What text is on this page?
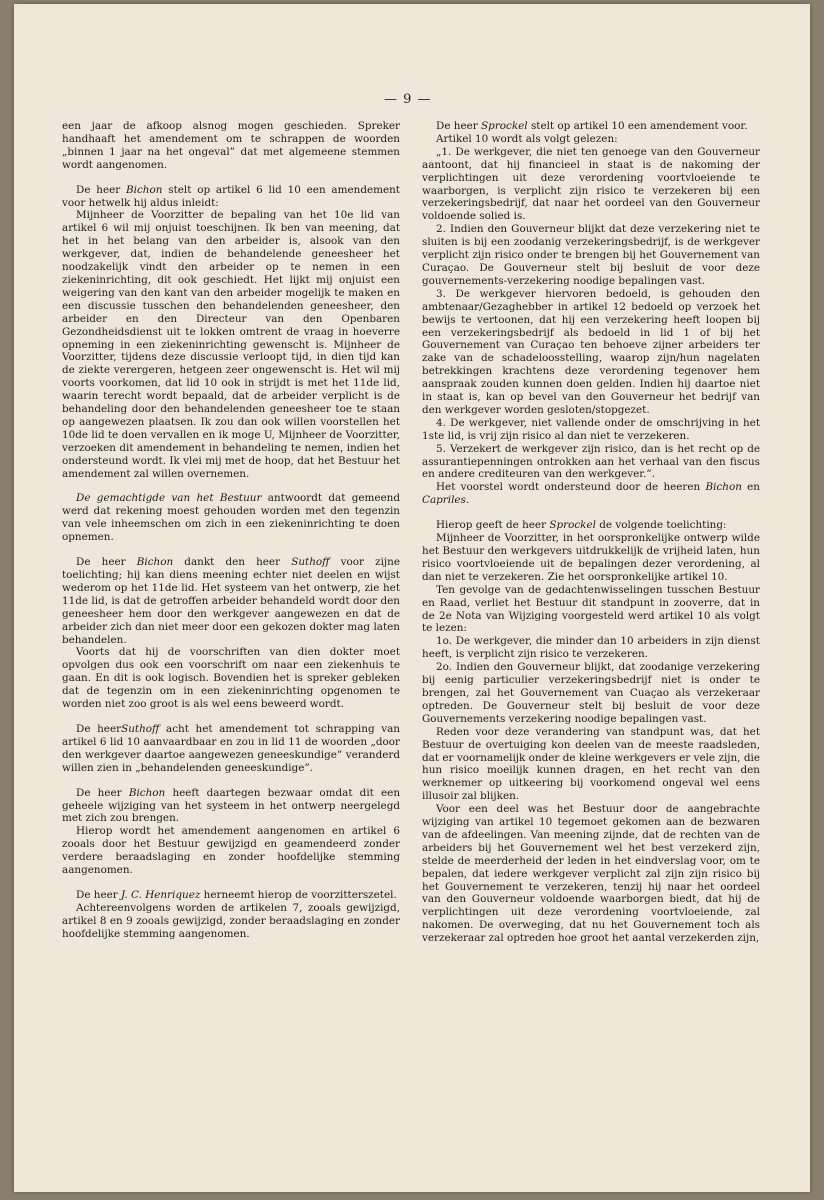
— 9 —

een jaar de afkoop alsnog mogen geschieden. Spreker handhaaft het amendement om te schrappen de woorden „binnen 1 jaar na het ongeval” dat met algemeene stemmen wordt aangenomen.

De heer Bichon stelt op artikel 6 lid 10 een amendement voor hetwelk hij aldus inleidt:

Mijnheer de Voorzitter de bepaling van het 10e lid van artikel 6 wil mij onjuist toeschijnen. Ik ben van meening, dat het in het belang van den arbeider is, alsook van den werkgever, dat, indien de behandelende geneesheer het noodzakelijk vindt den arbeider op te nemen in een ziekeninrichting, dit ook geschiedt. Het lijkt mij onjuist een weigering van den kant van den arbeider mogelijk te maken en een discussie tusschen den behandelenden geneesheer, den arbeider en den Directeur van den Openbaren Gezondheidsdienst uit te lokken omtrent de vraag in hoeverre opneming in een ziekeninrichting gewenscht is. Mijnheer de Voorzitter, tijdens deze discussie verloopt tijd, in dien tijd kan de ziekte verergeren, hetgeen zeer ongewenscht is. Het wil mij voorts voorkomen, dat lid 10 ook in strijdt is met het 11de lid, waarin terecht wordt bepaald, dat de arbeider verplicht is de behandeling door den behandelenden geneesheer toe te staan op aangewezen plaatsen. Ik zou dan ook willen voorstellen het 10de lid te doen vervallen en ik moge U, Mijnheer de Voorzitter, verzoeken dit amendement in behandeling te nemen, indien het ondersteund wordt. Ik vlei mij met de hoop, dat het Bestuur het amendement zal willen overnemen.

De gemachtigde van het Bestuur antwoordt dat gemeend werd dat rekening moest gehouden worden met den tegenzin van vele inheemschen om zich in een ziekeninrichting te doen opnemen.

De heer Bichon dankt den heer Suthoff voor zijne toelichting; hij kan diens meening echter niet deelen en wijst wederom op het 11de lid. Het systeem van het ontwerp, zie het 11de lid, is dat de getroffen arbeider behandeld wordt door den geneesheer hem door den werkgever aangewezen en dat de arbeider zich dan niet meer door een gekozen dokter mag laten behandelen.

Voorts dat hij de voorschriften van dien dokter moet opvolgen dus ook een voorschrift om naar een ziekenhuis te gaan. En dit is ook logisch. Bovendien het is spreker gebleken dat de tegenzin om in een ziekeninrichting opgenomen te worden niet zoo groot is als wel eens beweerd wordt.

De heerSuthoff acht het amendement tot schrapping van artikel 6 lid 10 aanvaardbaar en zou in lid 11 de woorden „door den werkgever daartoe aangewezen geneeskundige” veranderd willen zien in „behandelenden geneeskundige”.

De heer Bichon heeft daartegen bezwaar omdat dit een geheele wijziging van het systeem in het ontwerp neergelegd met zich zou brengen.

Hierop wordt het amendement aangenomen en artikel 6 zooals door het Bestuur gewijzigd en geamendeerd zonder verdere beraadslaging en zonder hoofdelijke stemming aangenomen.

De heer J. C. Henriquez herneemt hierop de voorzitterszetel.

Achtereenvolgens worden de artikelen 7, zooals gewijzigd, artikel 8 en 9 zooals gewijzigd, zonder beraadslaging en zonder hoofdelijke stemming aangenomen.

De heer Sprockel stelt op artikel 10 een amendement voor.

Artikel 10 wordt als volgt gelezen:

„1. De werkgever, die niet ten genoege van den Gouverneur aantoont, dat hij financieel in staat is de nakoming der verplichtingen uit deze verordening voortvloeiende te waarborgen, is verplicht zijn risico te verzekeren bij een verzekeringsbedrijf, dat naar het oordeel van den Gouverneur voldoende solied is.

2. Indien den Gouverneur blijkt dat deze verzekering niet te sluiten is bij een zoodanig verzekeringsbedrijf, is de werkgever verplicht zijn risico onder te brengen bij het Gouvernement van Curaçao. De Gouverneur stelt bij besluit de voor deze gouvernements-verzekering noodige bepalingen vast.

3. De werkgever hiervoren bedoeld, is gehouden den ambtenaar/Gezaghebber in artikel 12 bedoeld op verzoek het bewijs te vertoonen, dat hij een verzekering heeft loopen bij een verzekeringsbedrijf als bedoeld in lid 1 of bij het Gouvernement van Curaçao ten behoeve zijner arbeiders ter zake van de schadeloosstelling, waarop zijn/hun nagelaten betrekkingen krachtens deze verordening tegenover hem aanspraak zouden kunnen doen gelden. Indien hij daartoe niet in staat is, kan op bevel van den Gouverneur het bedrijf van den werkgever worden gesloten/stopgezet.

4. De werkgever, niet vallende onder de omschrijving in het 1ste lid, is vrij zijn risico al dan niet te verzekeren.

5. Verzekert de werkgever zijn risico, dan is het recht op de assurantiepenningen ontrokken aan het verhaal van den fiscus en andere crediteuren van den werkgever.”.

Het voorstel wordt ondersteund door de heeren Bichon en Capriles.

Hierop geeft de heer Sprockel de volgende toelichting:

Mijnheer de Voorzitter, in het oorspronkelijke ontwerp wilde het Bestuur den werkgevers uitdrukkelijk de vrijheid laten, hun risico voortvloeiende uit de bepalingen dezer verordening, al dan niet te verzekeren. Zie het oorspronkelijke artikel 10.

Ten gevolge van de gedachtenwisselingen tusschen Bestuur en Raad, verliet het Bestuur dit standpunt in zooverre, dat in de 2e Nota van Wijziging voorgesteld werd artikel 10 als volgt te lezen:

1o. De werkgever, die minder dan 10 arbeiders in zijn dienst heeft, is verplicht zijn risico te verzekeren.

2o. Indien den Gouverneur blijkt, dat zoodanige verzekering bij eenig particulier verzekeringsbedrijf niet is onder te brengen, zal het Gouvernement van Cuaçao als verzekeraar optreden. De Gouverneur stelt bij besluit de voor deze Gouvernements verzekering noodige bepalingen vast.

Reden voor deze verandering van standpunt was, dat het Bestuur de overtuiging kon deelen van de meeste raadsleden, dat er voornamelijk onder de kleine werkgevers er vele zijn, die hun risico moeilijk kunnen dragen, en het recht van den werknemer op uitkeering bij voorkomend ongeval wel eens illusoir zal blijken.

Voor een deel was het Bestuur door de aangebrachte wijziging van artikel 10 tegemoet gekomen aan de bezwaren van de afdeelingen. Van meening zijnde, dat de rechten van de arbeiders bij het Gouvernement wel het best verzekerd zijn, stelde de meerderheid der leden in het eindverslag voor, om te bepalen, dat iedere werkgever verplicht zal zijn zijn risico bij het Gouvernement te verzekeren, tenzij hij naar het oordeel van den Gouverneur voldoende waarborgen biedt, dat hij de verplichtingen uit deze verordening voortvloeiende, zal nakomen. De overweging, dat nu het Gouvernement toch als verzekeraar zal optreden hoe groot het aantal verzekerden zijn,
